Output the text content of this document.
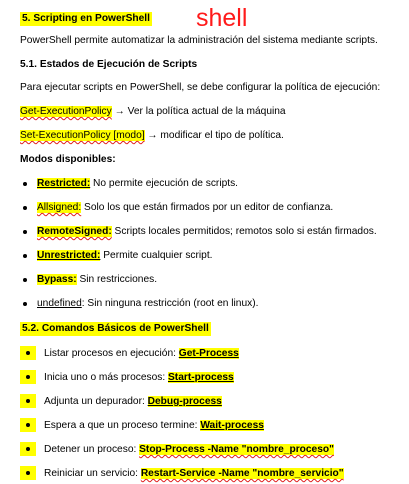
shell
5. Scripting en PowerShell
PowerShell permite automatizar la administración del sistema mediante scripts.
5.1. Estados de Ejecución de Scripts
Para ejecutar scripts en PowerShell, se debe configurar la política de ejecución:
Get-ExecutionPolicy → Ver la política actual de la máquina
Set-ExecutionPolicy [modo] → modificar el tipo de política.
Modos disponibles:
Restricted: No permite ejecución de scripts.
Allsigned: Solo los que están firmados por un editor de confianza.
RemoteSigned: Scripts locales permitidos; remotos solo si están firmados.
Unrestricted: Permite cualquier script.
Bypass: Sin restricciones.
undefined: Sin ninguna restricción (root en linux).
5.2. Comandos Básicos de PowerShell
Listar procesos en ejecución: Get-Process
Inicia uno o más procesos: Start-process
Adjunta un depurador: Debug-process
Espera a que un proceso termine: Wait-process
Detener un proceso: Stop-Process -Name "nombre_proceso"
Reiniciar un servicio: Restart-Service -Name "nombre_servicio"
